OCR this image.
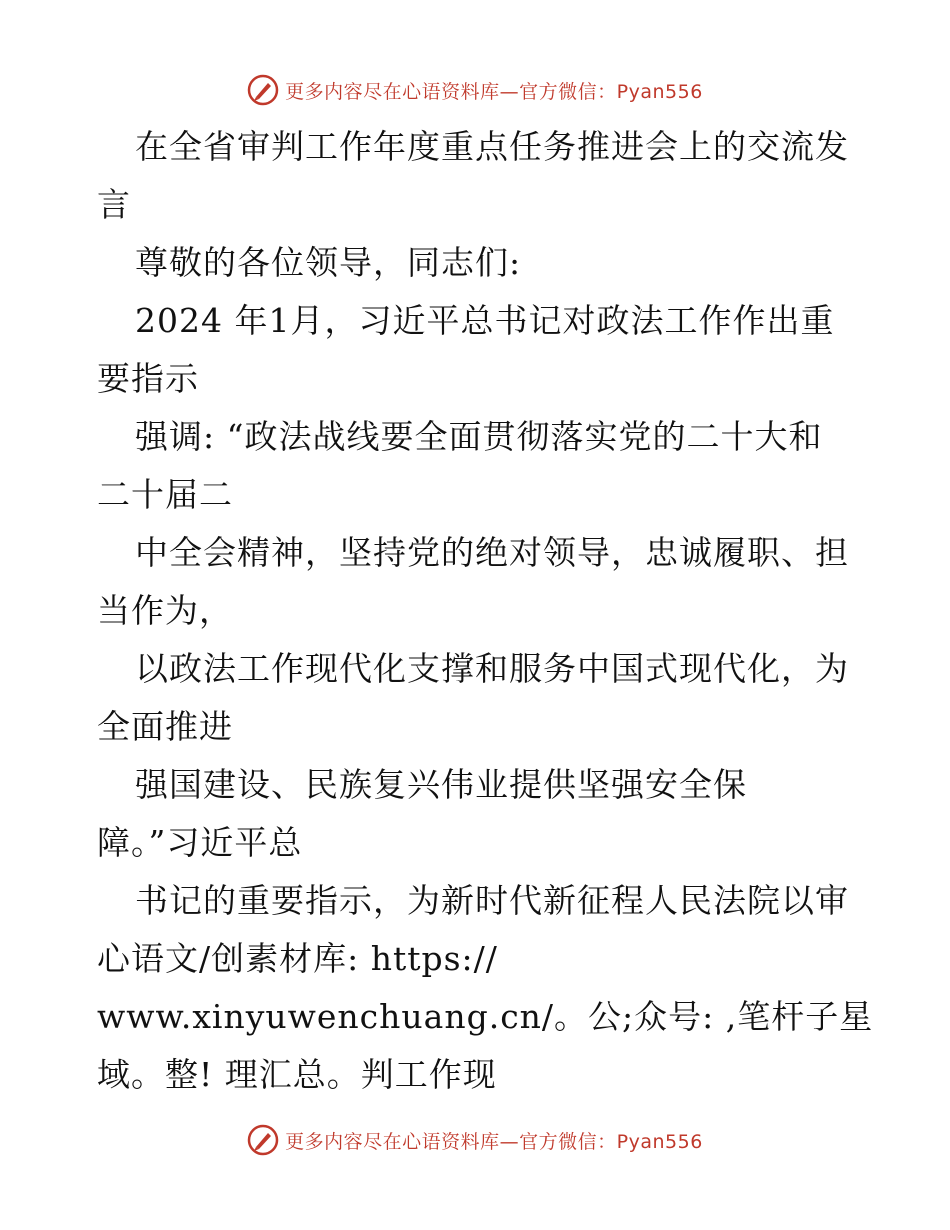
更多内容尽在心语资料库—官方微信：Pyan556
在全省审判工作年度重点任务推进会上的交流发
言
尊敬的各位领导，同志们:
2024 年1月，习近平总书记对政法工作作出重
要指示
强调: “政法战线要全面贯彻落实党的二十大和
二十届二
中全会精神，坚持党的绝对领导，忠诚履职、担
当作为，
以政法工作现代化支撑和服务中国式现代化，为
全面推进
强国建设、民族复兴伟业提供坚强安全保
障。”习近平总
书记的重要指示，为新时代新征程人民法院以审
心语文/创素材库: https://
www.xinyuwenchuang.cn/。公;众号: ,笔杆子星
域。整! 理汇总。判工作现
更多内容尽在心语资料库—官方微信：Pyan556
